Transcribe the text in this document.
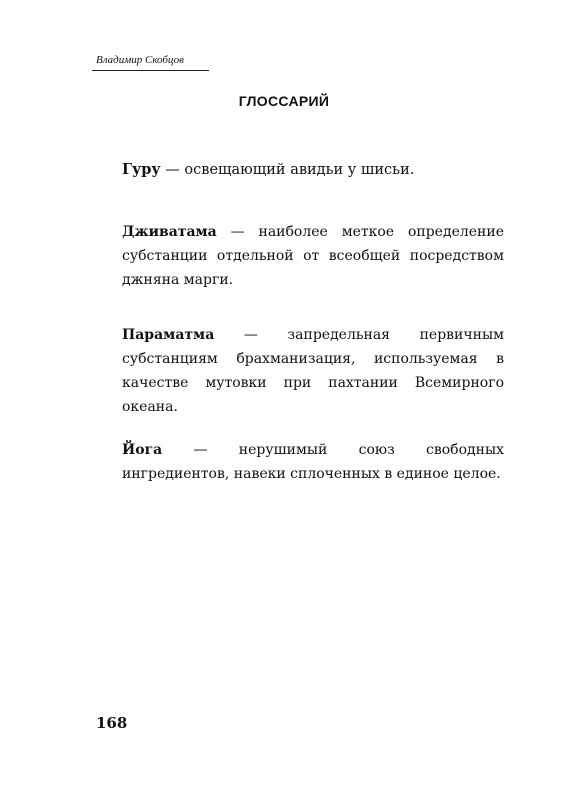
Владимир Скобцов
ГЛОССАРИЙ

Гуру — освещающий авидьи у шисьи.

Дживатама — наиболее меткое определение субстанции отдельной от всеобщей посредством джняна марги.

Параматма — запредельная первичным субстанциям брахманизация, используемая в качестве мутовки при пахтании Всемирного океана.

Йога — нерушимый союз свободных ингредиентов, навеки сплоченных в единое целое.

168
